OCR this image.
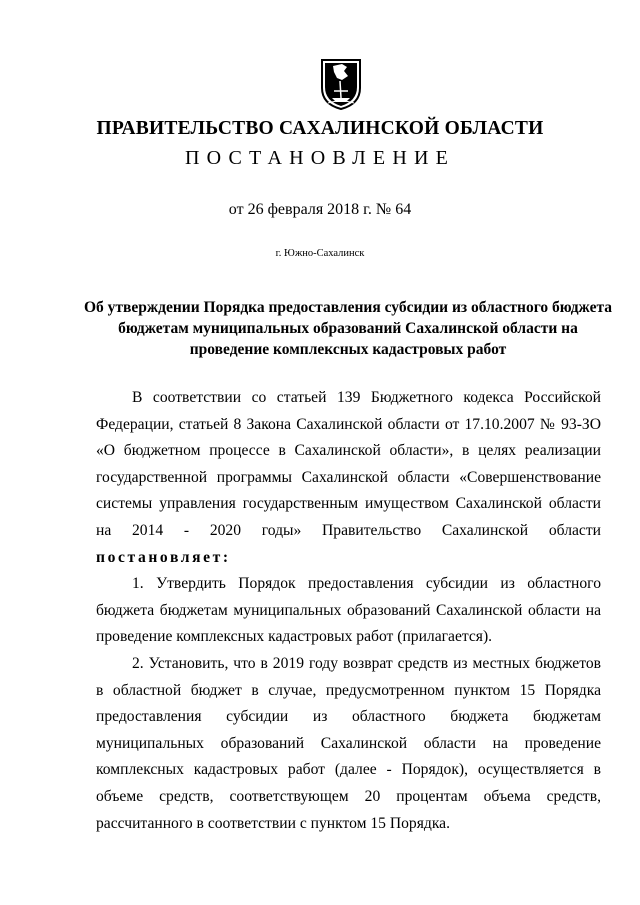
ПРАВИТЕЛЬСТВО САХАЛИНСКОЙ ОБЛАСТИ
ПОСТАНОВЛЕНИЕ
от 26 февраля 2018 г. № 64
г. Южно-Сахалинск
Об утверждении Порядка предоставления субсидии из областного бюджета бюджетам муниципальных образований Сахалинской области на проведение комплексных кадастровых работ

В соответствии со статьей 139 Бюджетного кодекса Российской Федерации, статьей 8 Закона Сахалинской области от 17.10.2007 № 93-ЗО «О бюджетном процессе в Сахалинской области», в целях реализации государственной программы Сахалинской области «Совершенствование системы управления государственным имуществом Сахалинской области на 2014 - 2020 годы» Правительство Сахалинской области постановляет:

1. Утвердить Порядок предоставления субсидии из областного бюджета бюджетам муниципальных образований Сахалинской области на проведение комплексных кадастровых работ (прилагается).

2. Установить, что в 2019 году возврат средств из местных бюджетов в областной бюджет в случае, предусмотренном пунктом 15 Порядка предоставления субсидии из областного бюджета бюджетам муниципальных образований Сахалинской области на проведение комплексных кадастровых работ (далее - Порядок), осуществляется в объеме средств, соответствующем 20 процентам объема средств, рассчитанного в соответствии с пунктом 15 Порядка.
